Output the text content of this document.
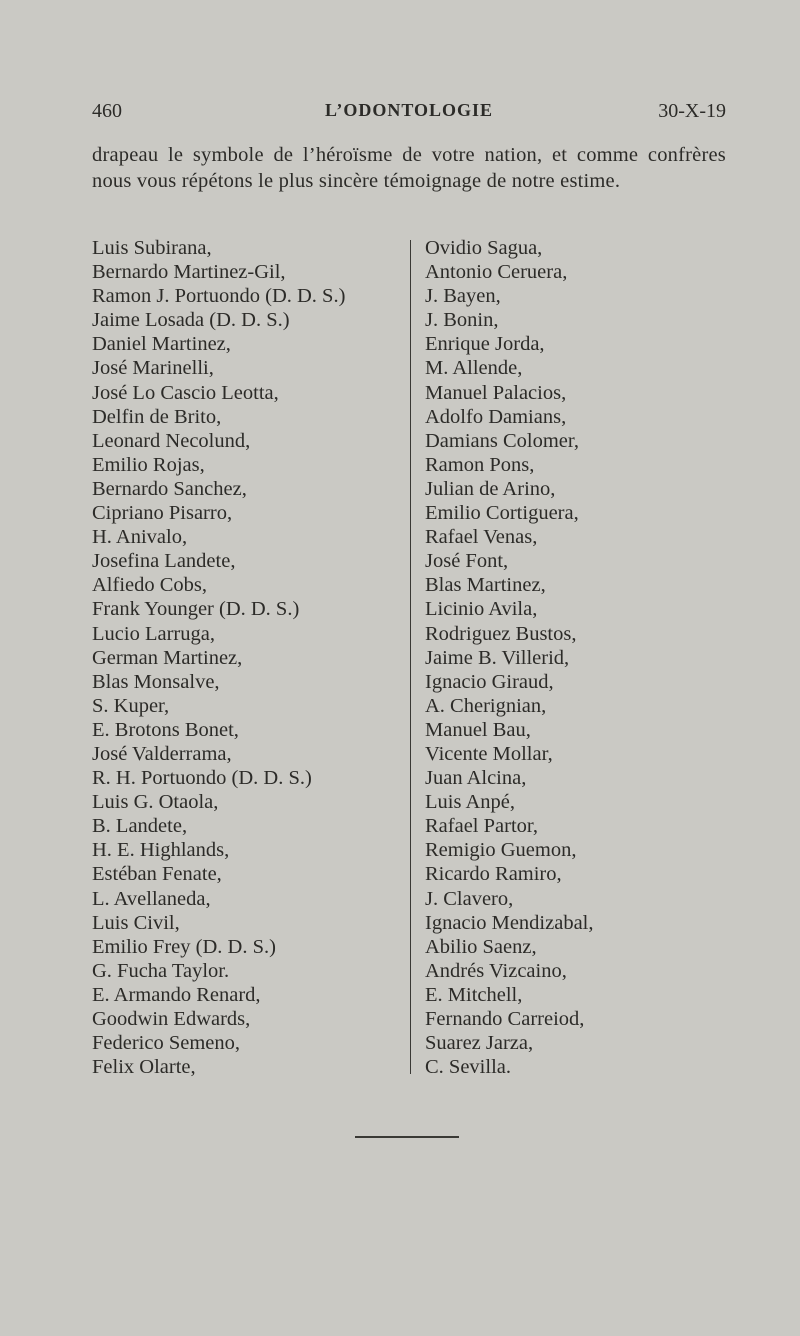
460	L’ODONTOLOGIE	30-X-19
drapeau le symbole de l’héroïsme de votre nation, et comme confrères nous vous répétons le plus sincère témoignage de notre estime.
Luis Subirana,
Bernardo Martinez-Gil,
Ramon J. Portuondo (D. D. S.)
Jaime Losada (D. D. S.)
Daniel Martinez,
José Marinelli,
José Lo Cascio Leotta,
Delfin de Brito,
Leonard Necolund,
Emilio Rojas,
Bernardo Sanchez,
Cipriano Pisarro,
H. Anivalo,
Josefina Landete,
Alfiedo Cobs,
Frank Younger (D. D. S.)
Lucio Larruga,
German Martinez,
Blas Monsalve,
S. Kuper,
E. Brotons Bonet,
José Valderrama,
R. H. Portuondo (D. D. S.)
Luis G. Otaola,
B. Landete,
H. E. Highlands,
Estéban Fenate,
L. Avellaneda,
Luis Civil,
Emilio Frey (D. D. S.)
G. Fucha Taylor.
E. Armando Renard,
Goodwin Edwards,
Federico Semeno,
Felix Olarte,
Ovidio Sagua,
Antonio Ceruera,
J. Bayen,
J. Bonin,
Enrique Jorda,
M. Allende,
Manuel Palacios,
Adolfo Damians,
Damians Colomer,
Ramon Pons,
Julian de Arino,
Emilio Cortiguera,
Rafael Venas,
José Font,
Blas Martinez,
Licinio Avila,
Rodriguez Bustos,
Jaime B. Villerid,
Ignacio Giraud,
A. Cherignian,
Manuel Bau,
Vicente Mollar,
Juan Alcina,
Luis Anpé,
Rafael Partor,
Remigio Guemon,
Ricardo Ramiro,
J. Clavero,
Ignacio Mendizabal,
Abilio Saenz,
Andrés Vizcaino,
E. Mitchell,
Fernando Carreiod,
Suarez Jarza,
C. Sevilla.
